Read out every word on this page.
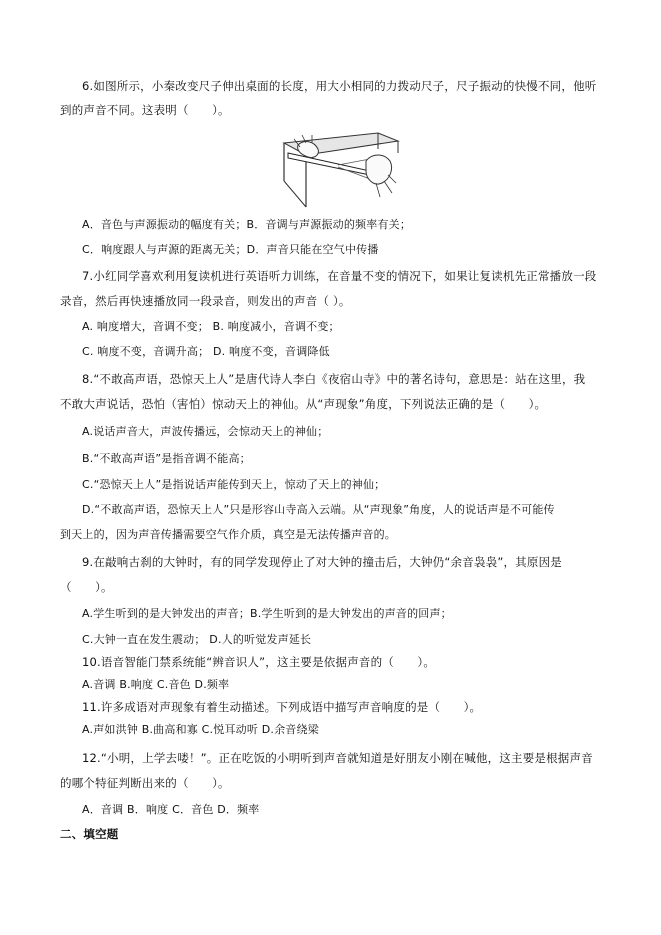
6.如图所示，小秦改变尺子伸出桌面的长度，用大小相同的力拨动尺子，尺子振动的快慢不同，他听
到的声音不同。这表明（　　）。
A．音色与声源振动的幅度有关；B．音调与声源振动的频率有关；
C．响度跟人与声源的距离无关；D．声音只能在空气中传播
7.小红同学喜欢利用复读机进行英语听力训练，在音量不变的情况下，如果让复读机先正常播放一段
录音，然后再快速播放同一段录音，则发出的声音（ ）。
A. 响度增大，音调不变； B. 响度减小，音调不变；
C. 响度不变，音调升高； D. 响度不变，音调降低
8.“不敢高声语，恐惊天上人”是唐代诗人李白《夜宿山寺》中的著名诗句，意思是：站在这里，我
不敢大声说话，恐怕（害怕）惊动天上的神仙。从“声现象”角度，下列说法正确的是（　　）。
A.说话声音大，声波传播远，会惊动天上的神仙；
B.“不敢高声语”是指音调不能高；
C.“恐惊天上人”是指说话声能传到天上，惊动了天上的神仙；
D.“不敢高声语，恐惊天上人”只是形容山寺高入云端。从“声现象”角度，人的说话声是不可能传
到天上的，因为声音传播需要空气作介质，真空是无法传播声音的。
9.在敲响古刹的大钟时，有的同学发现停止了对大钟的撞击后，大钟仍“余音袅袅”，其原因是
（　　）。
A.学生听到的是大钟发出的声音；B.学生听到的是大钟发出的声音的回声；
C.大钟一直在发生震动； D.人的听觉发声延长
10.语音智能门禁系统能“辨音识人”，这主要是依据声音的（　　）。
A.音调 B.响度 C.音色 D.频率
11.许多成语对声现象有着生动描述。下列成语中描写声音响度的是（　　）。
A.声如洪钟 B.曲高和寡 C.悦耳动听 D.余音绕梁
12.“小明，上学去喽！”。正在吃饭的小明听到声音就知道是好朋友小刚在喊他，这主要是根据声音
的哪个特征判断出来的（　　）。
A．音调 B．响度 C．音色 D．频率
二、填空题
